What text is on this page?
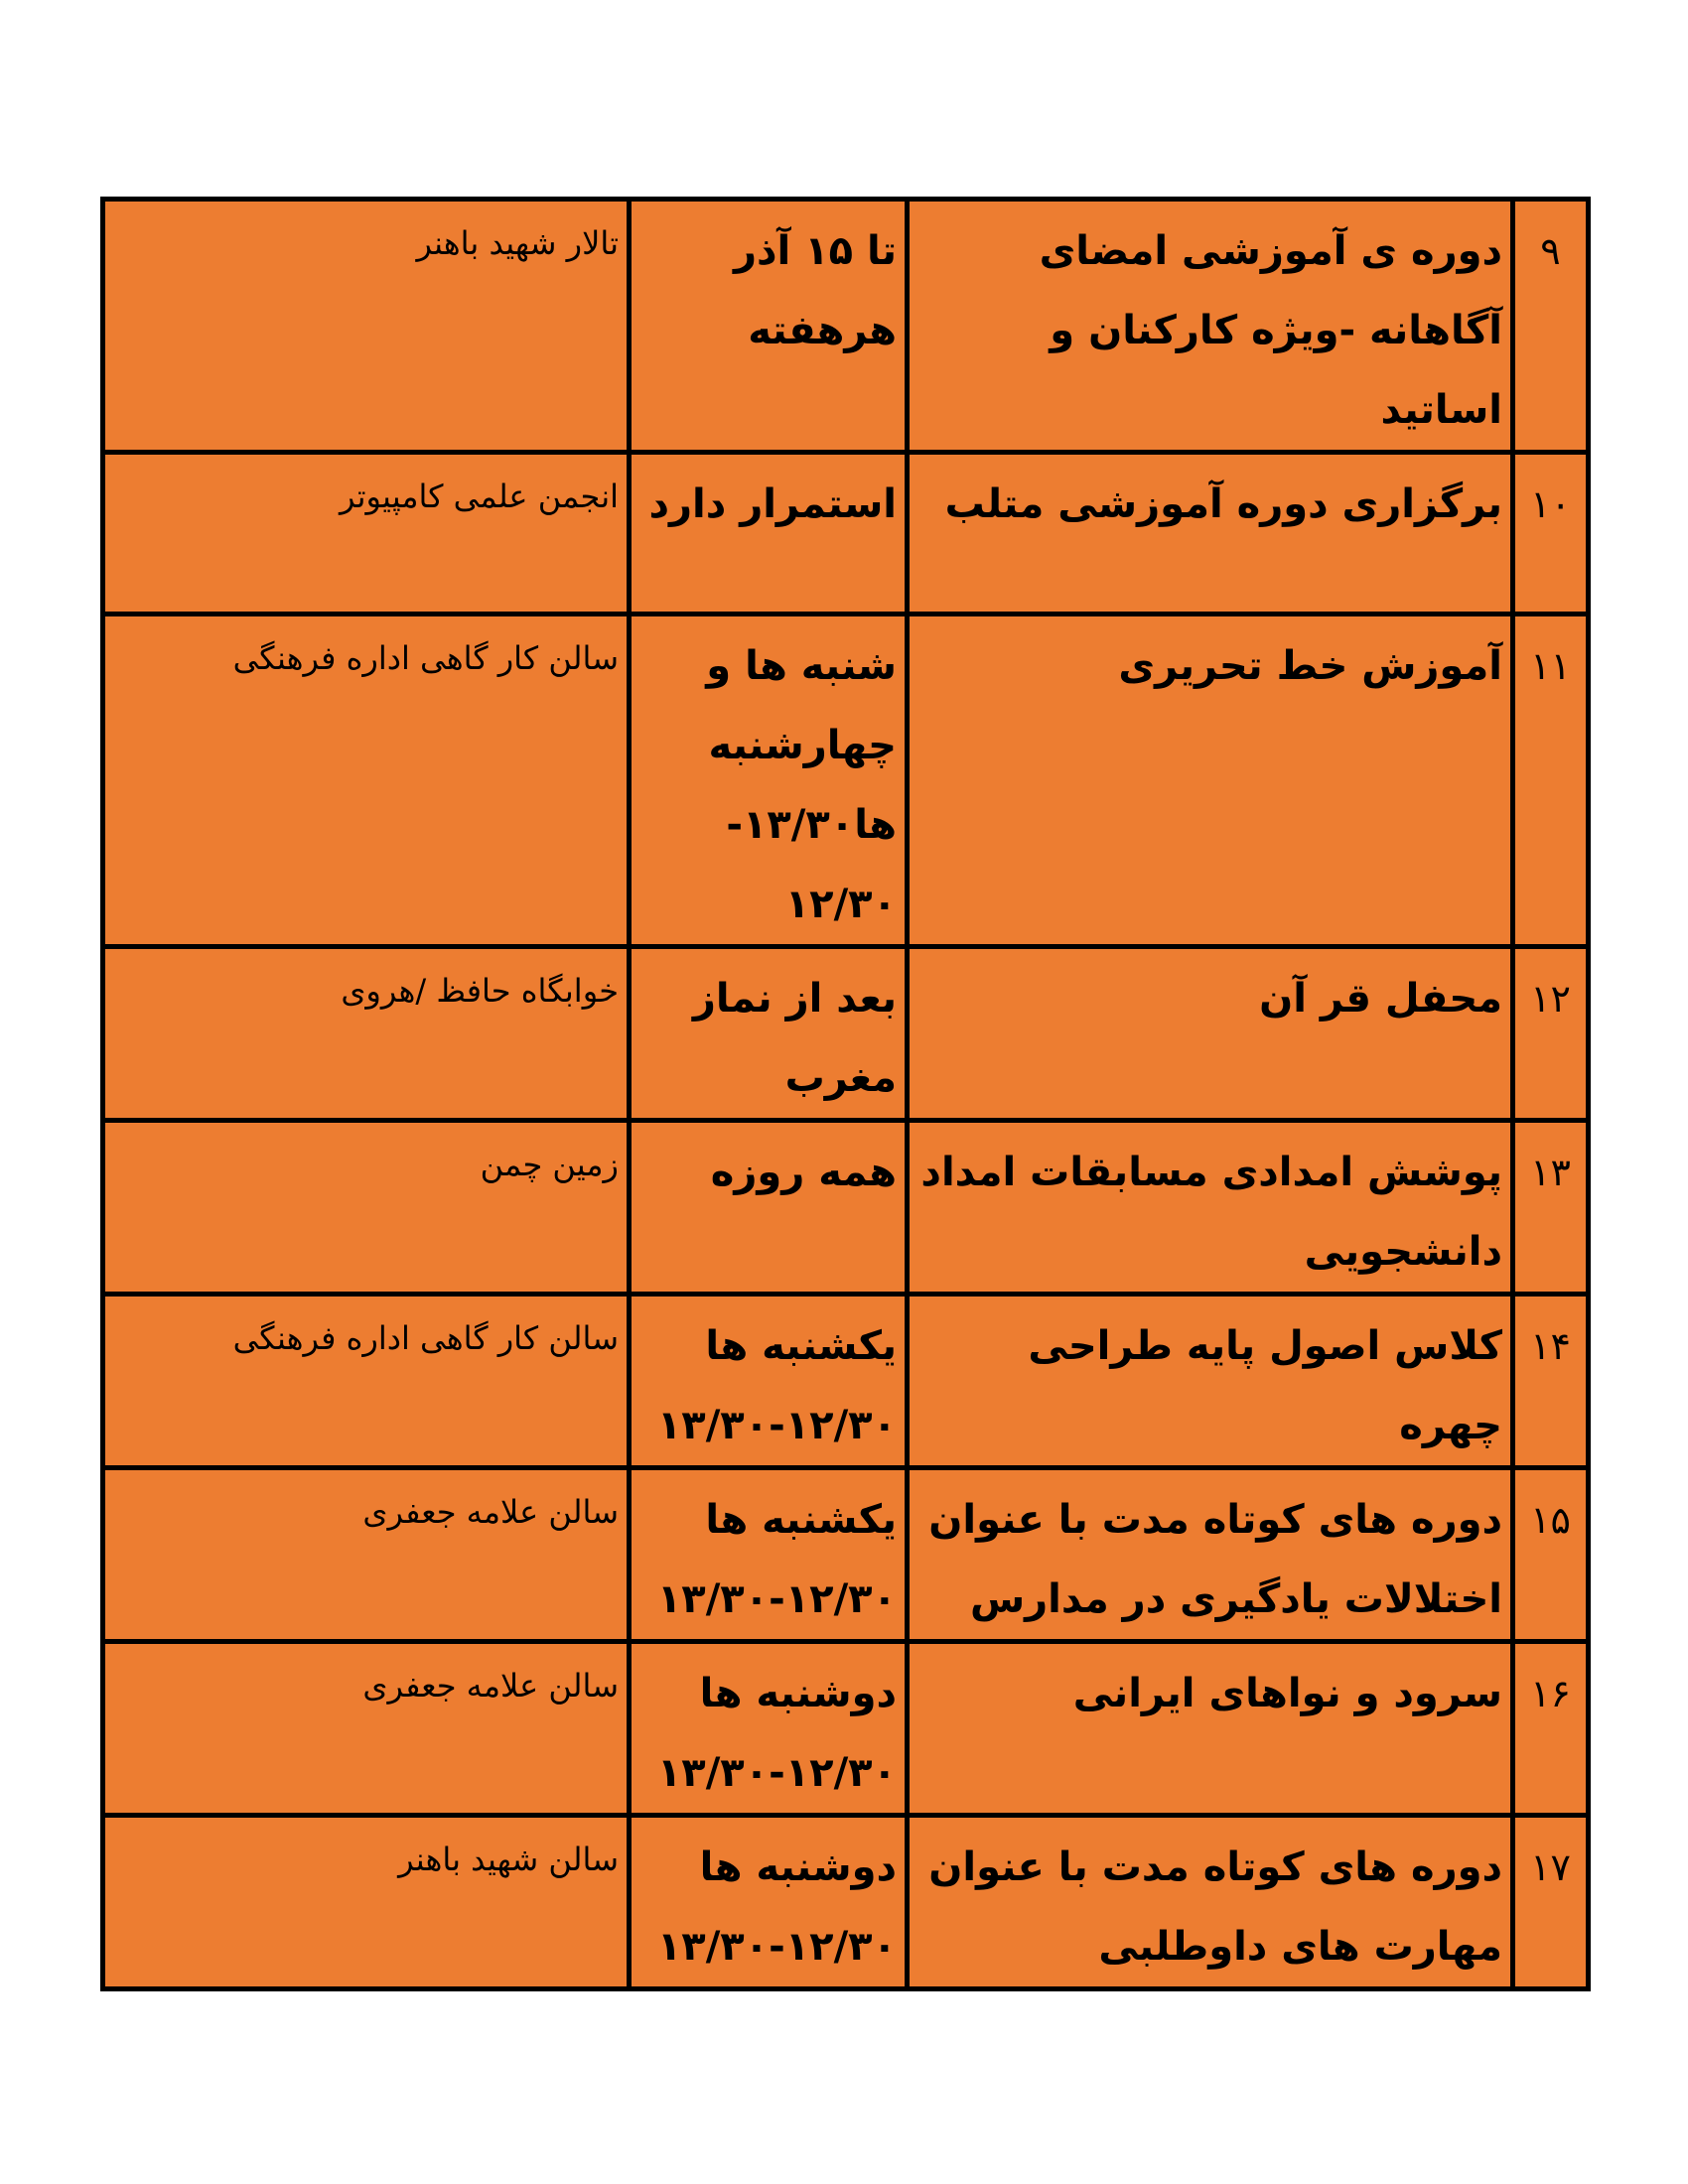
۹	دوره ی آموزشی امضای آگاهانه -ویژه کارکنان و اساتید	تا ۱۵ آذر هرهفته	تالار شهید باهنر

۱۰	برگزاری دوره آموزشی متلب	استمرار دارد	انجمن علمی کامپیوتر

۱۱	آموزش خط تحریری	شنبه ها و چهارشنبه ها۱۳/۳۰- ۱۲/۳۰	سالن کار گاهی اداره فرهنگی

۱۲	محفل قر آن	بعد از نماز مغرب	خوابگاه حافظ /هروی

۱۳	پوشش امدادی مسابقات امداد دانشجویی	همه روزه	زمین چمن

۱۴	کلاس اصول پایه طراحی چهره	یکشنبه ها ۱۲/۳۰-۱۳/۳۰	سالن کار گاهی اداره فرهنگی

۱۵	دوره های کوتاه مدت با عنوان اختلالات یادگیری در مدارس	یکشنبه ها ۱۲/۳۰-۱۳/۳۰	سالن علامه جعفری

۱۶	سرود و نواهای ایرانی	دوشنبه ها ۱۲/۳۰-۱۳/۳۰	سالن علامه جعفری

۱۷	دوره های کوتاه مدت با عنوان مهارت های داوطلبی	دوشنبه ها ۱۲/۳۰-۱۳/۳۰	سالن شهید باهنر
